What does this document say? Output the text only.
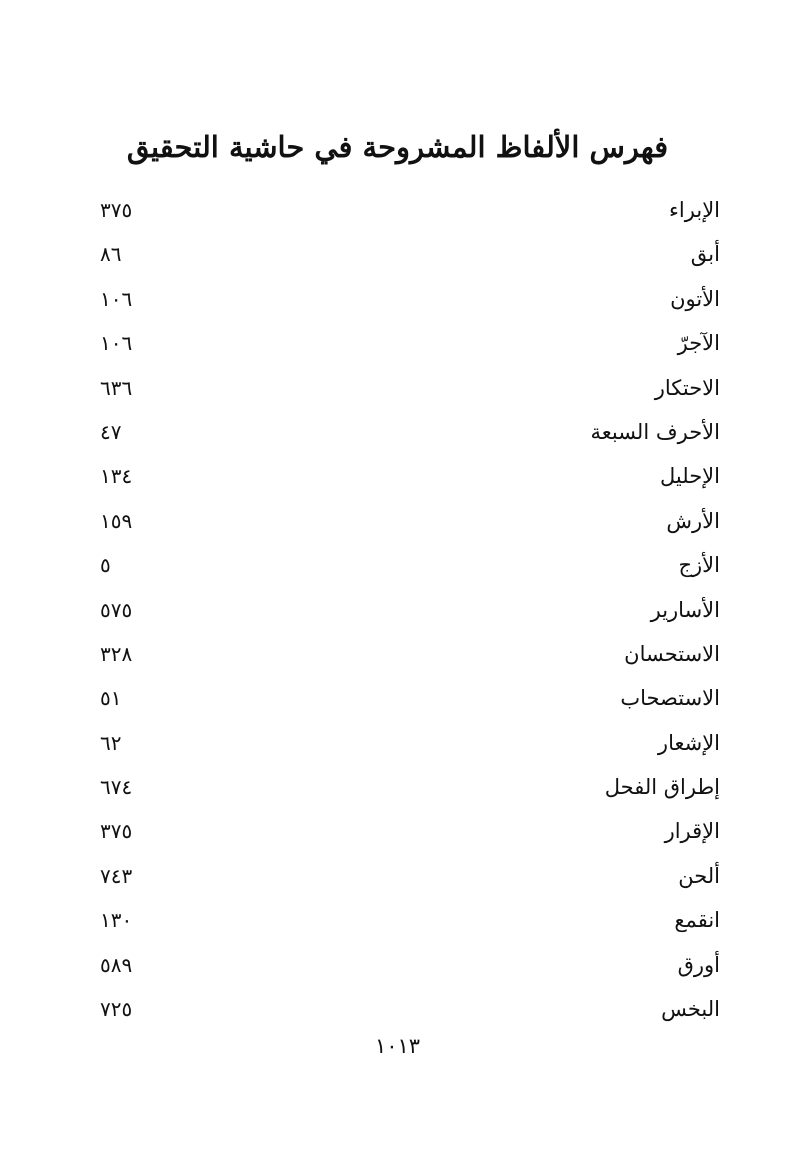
فهرس الألفاظ المشروحة في حاشية التحقيق
الإبراء
٣٧٥
أبق
٨٦
الأتون
١٠٦
الآجرّ
١٠٦
الاحتكار
٦٣٦
الأحرف السبعة
٤٧
الإحليل
١٣٤
الأرش
١٥٩
الأزج
٥
الأسارير
٥٧٥
الاستحسان
٣٢٨
الاستصحاب
٥١
الإشعار
٦٢
إطراق الفحل
٦٧٤
الإقرار
٣٧٥
ألحن
٧٤٣
انقمع
١٣٠
أورق
٥٨٩
البخس
٧٢٥
١٠١٣
